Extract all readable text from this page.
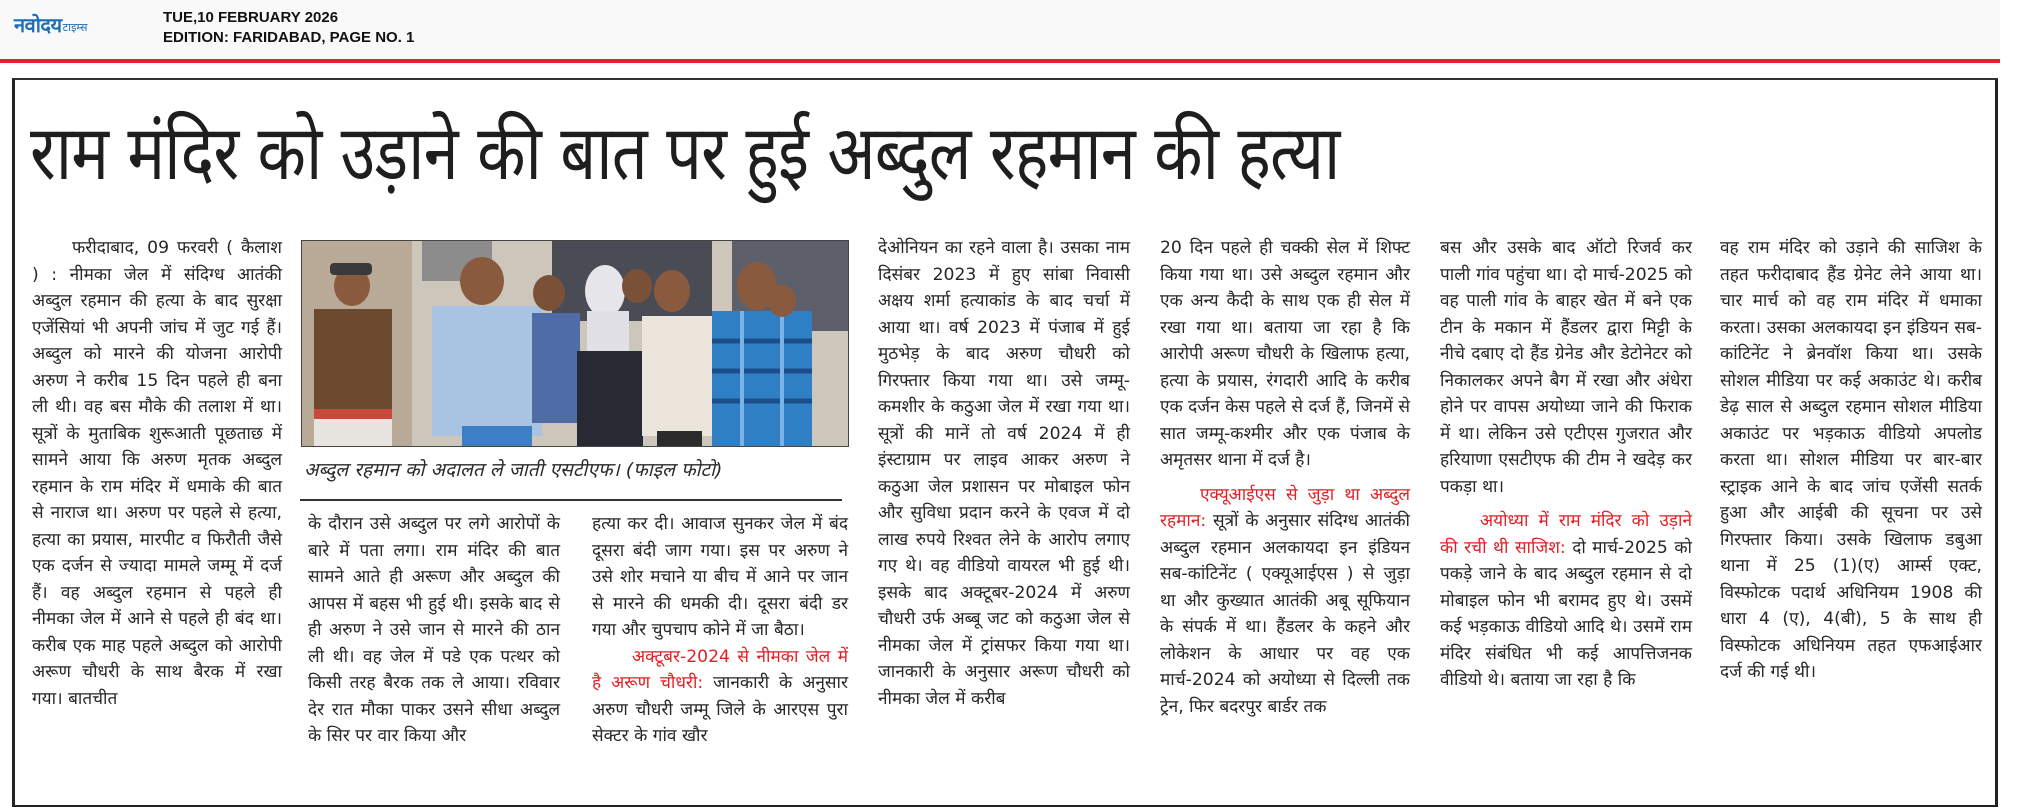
नवोदय टाइम्स
TUE,10 FEBRUARY 2026
EDITION: FARIDABAD, PAGE NO. 1
राम मंदिर को उड़ाने की बात पर हुई अब्दुल रहमान की हत्या

फरीदाबाद, 09 फरवरी ( कैलाश ) : नीमका जेल में संदिग्ध आतंकी अब्दुल रहमान की हत्या के बाद सुरक्षा एजेंसियां भी अपनी जांच में जुट गई हैं। अब्दुल को मारने की योजना आरोपी अरुण ने करीब 15 दिन पहले ही बना ली थी। वह बस मौके की तलाश में था। सूत्रों के मुताबिक शुरूआती पूछताछ में सामने आया कि अरुण मृतक अब्दुल रहमान के राम मंदिर में धमाके की बात से नाराज था। अरुण पर पहले से हत्या, हत्या का प्रयास, मारपीट व फिरौती जैसे एक दर्जन से ज्यादा मामले जम्मू में दर्ज हैं। वह अब्दुल रहमान से पहले ही नीमका जेल में आने से पहले ही बंद था। करीब एक माह पहले अब्दुल को आरोपी अरूण चौधरी के साथ बैरक में रखा गया। बातचीत

अब्दुल रहमान को अदालत ले जाती एसटीएफ। (फाइल फोटो)

के दौरान उसे अब्दुल पर लगे आरोपों के बारे में पता लगा। राम मंदिर की बात सामने आते ही अरूण और अब्दुल की आपस में बहस भी हुई थी। इसके बाद से ही अरुण ने उसे जान से मारने की ठान ली थी। वह जेल में पडे एक पत्थर को किसी तरह बैरक तक ले आया। रविवार देर रात मौका पाकर उसने सीधा अब्दुल के सिर पर वार किया और

हत्या कर दी। आवाज सुनकर जेल में बंद दूसरा बंदी जाग गया। इस पर अरुण ने उसे शोर मचाने या बीच में आने पर जान से मारने की धमकी दी। दूसरा बंदी डर गया और चुपचाप कोने में जा बैठा।

अक्टूबर-2024 से नीमका जेल में है अरूण चौधरी: जानकारी के अनुसार अरुण चौधरी जम्मू जिले के आरएस पुरा सेक्टर के गांव खौर

देओनियन का रहने वाला है। उसका नाम दिसंबर 2023 में हुए सांबा निवासी अक्षय शर्मा हत्याकांड के बाद चर्चा में आया था। वर्ष 2023 में पंजाब में हुई मुठभेड़ के बाद अरुण चौधरी को गिरफ्तार किया गया था। उसे जम्मू-कमशीर के कठुआ जेल में रखा गया था। सूत्रों की मानें तो वर्ष 2024 में ही इंस्टाग्राम पर लाइव आकर अरुण ने कठुआ जेल प्रशासन पर मोबाइल फोन और सुविधा प्रदान करने के एवज में दो लाख रुपये रिश्वत लेने के आरोप लगाए गए थे। वह वीडियो वायरल भी हुई थी। इसके बाद अक्टूबर-2024 में अरुण चौधरी उर्फ अब्बू जट को कठुआ जेल से नीमका जेल में ट्रांसफर किया गया था। जानकारी के अनुसार अरूण चौधरी को नीमका जेल में करीब

20 दिन पहले ही चक्की सेल में शिफ्ट किया गया था। उसे अब्दुल रहमान और एक अन्य कैदी के साथ एक ही सेल में रखा गया था। बताया जा रहा है कि आरोपी अरूण चौधरी के खिलाफ हत्या, हत्या के प्रयास, रंगदारी आदि के करीब एक दर्जन केस पहले से दर्ज हैं, जिनमें से सात जम्मू-कश्मीर और एक पंजाब के अमृतसर थाना में दर्ज है।

एक्यूआईएस से जुड़ा था अब्दुल रहमान: सूत्रों के अनुसार संदिग्ध आतंकी अब्दुल रहमान अलकायदा इन इंडियन सब-कांटिनेंट ( एक्यूआईएस ) से जुड़ा था और कुख्यात आतंकी अबू सूफियान के संपर्क में था। हैंडलर के कहने और लोकेशन के आधार पर वह एक मार्च-2024 को अयोध्या से दिल्ली तक ट्रेन, फिर बदरपुर बार्डर तक

बस और उसके बाद ऑटो रिजर्व कर पाली गांव पहुंचा था। दो मार्च-2025 को वह पाली गांव के बाहर खेत में बने एक टीन के मकान में हैंडलर द्वारा मिट्टी के नीचे दबाए दो हैंड ग्रेनेड और डेटोनेटर को निकालकर अपने बैग में रखा और अंधेरा होने पर वापस अयोध्या जाने की फिराक में था। लेकिन उसे एटीएस गुजरात और हरियाणा एसटीएफ की टीम ने खदेड़ कर पकड़ा था।

अयोध्या में राम मंदिर को उड़ाने की रची थी साजिश: दो मार्च-2025 को पकड़े जाने के बाद अब्दुल रहमान से दो मोबाइल फोन भी बरामद हुए थे। उसमें कई भड़काऊ वीडियो आदि थे। उसमें राम मंदिर संबंधित भी कई आपत्तिजनक वीडियो थे। बताया जा रहा है कि

वह राम मंदिर को उड़ाने की साजिश के तहत फरीदाबाद हैंड ग्रेनेट लेने आया था। चार मार्च को वह राम मंदिर में धमाका करता। उसका अलकायदा इन इंडियन सब-कांटिनेंट ने ब्रेनवॉश किया था। उसके सोशल मीडिया पर कई अकाउंट थे। करीब डेढ़ साल से अब्दुल रहमान सोशल मीडिया अकाउंट पर भड़काऊ वीडियो अपलोड करता था। सोशल मीडिया पर बार-बार स्ट्राइक आने के बाद जांच एजेंसी सतर्क हुआ और आईबी की सूचना पर उसे गिरफ्तार किया। उसके खिलाफ डबुआ थाना में 25 (1)(ए) आर्म्स एक्ट, विस्फोटक पदार्थ अधिनियम 1908 की धारा 4 (ए), 4(बी), 5 के साथ ही विस्फोटक अधिनियम तहत एफआईआर दर्ज की गई थी।
